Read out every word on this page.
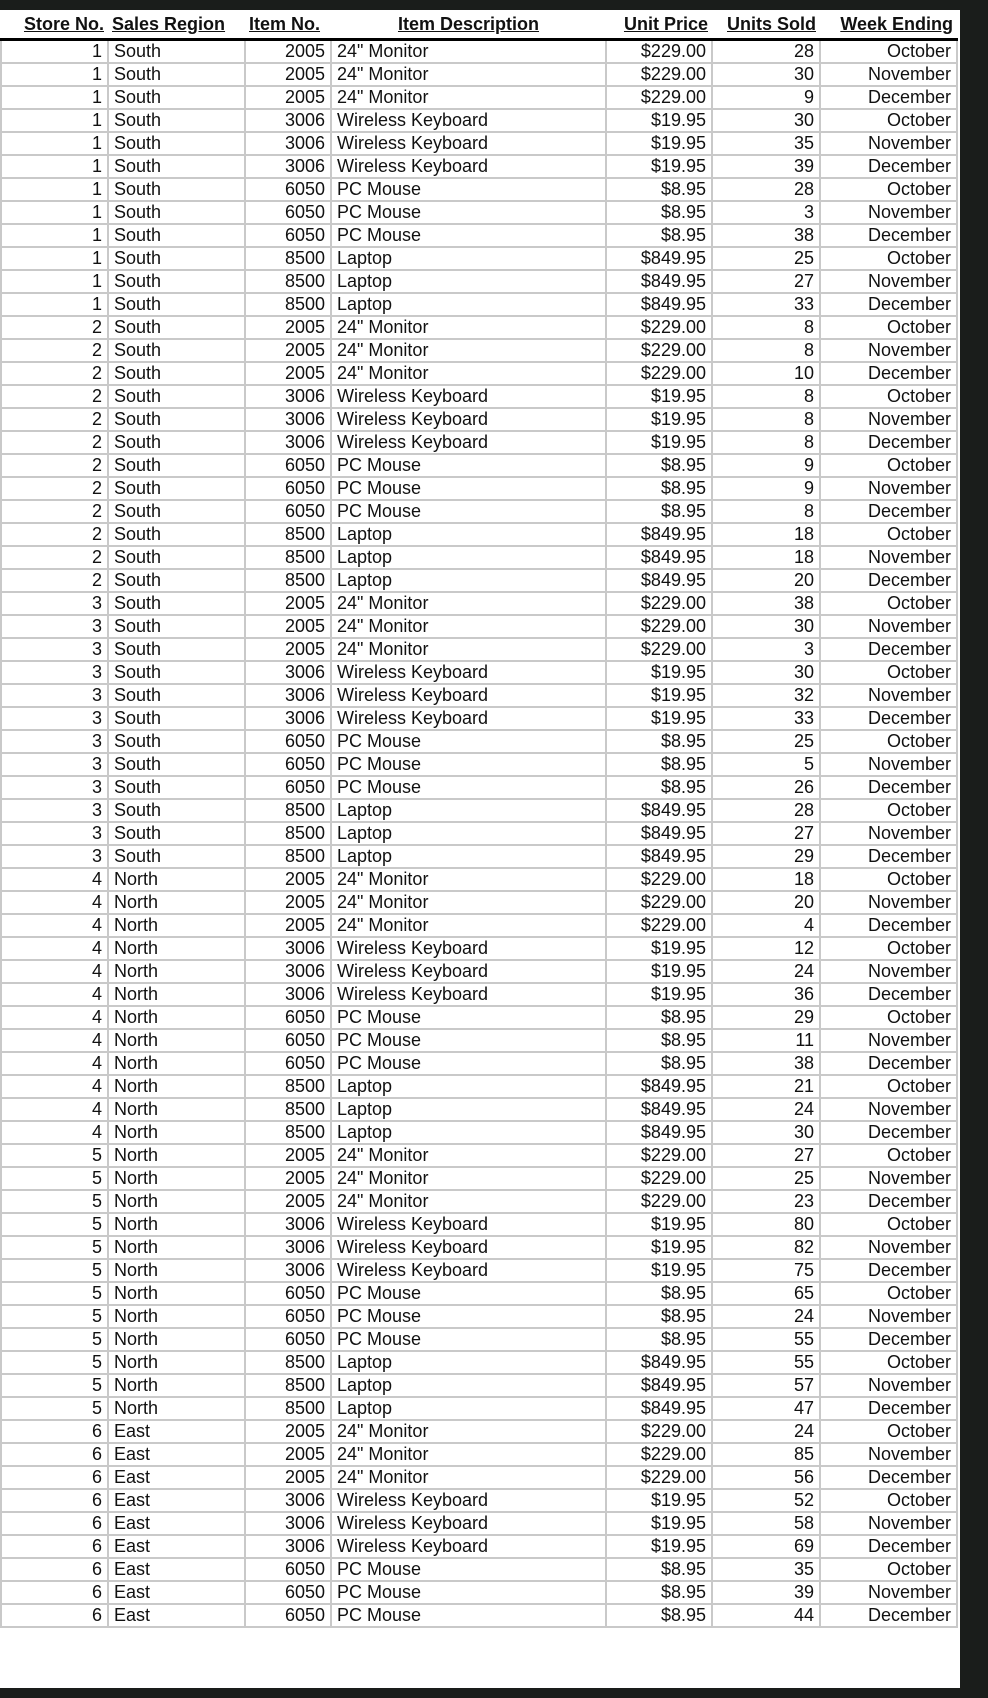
Store No.	Sales Region	Item No.	Item Description	Unit Price	Units Sold	Week Ending
1	South	2005	24" Monitor	$229.00	28	October
1	South	2005	24" Monitor	$229.00	30	November
1	South	2005	24" Monitor	$229.00	9	December
1	South	3006	Wireless Keyboard	$19.95	30	October
1	South	3006	Wireless Keyboard	$19.95	35	November
1	South	3006	Wireless Keyboard	$19.95	39	December
1	South	6050	PC Mouse	$8.95	28	October
1	South	6050	PC Mouse	$8.95	3	November
1	South	6050	PC Mouse	$8.95	38	December
1	South	8500	Laptop	$849.95	25	October
1	South	8500	Laptop	$849.95	27	November
1	South	8500	Laptop	$849.95	33	December
2	South	2005	24" Monitor	$229.00	8	October
2	South	2005	24" Monitor	$229.00	8	November
2	South	2005	24" Monitor	$229.00	10	December
2	South	3006	Wireless Keyboard	$19.95	8	October
2	South	3006	Wireless Keyboard	$19.95	8	November
2	South	3006	Wireless Keyboard	$19.95	8	December
2	South	6050	PC Mouse	$8.95	9	October
2	South	6050	PC Mouse	$8.95	9	November
2	South	6050	PC Mouse	$8.95	8	December
2	South	8500	Laptop	$849.95	18	October
2	South	8500	Laptop	$849.95	18	November
2	South	8500	Laptop	$849.95	20	December
3	South	2005	24" Monitor	$229.00	38	October
3	South	2005	24" Monitor	$229.00	30	November
3	South	2005	24" Monitor	$229.00	3	December
3	South	3006	Wireless Keyboard	$19.95	30	October
3	South	3006	Wireless Keyboard	$19.95	32	November
3	South	3006	Wireless Keyboard	$19.95	33	December
3	South	6050	PC Mouse	$8.95	25	October
3	South	6050	PC Mouse	$8.95	5	November
3	South	6050	PC Mouse	$8.95	26	December
3	South	8500	Laptop	$849.95	28	October
3	South	8500	Laptop	$849.95	27	November
3	South	8500	Laptop	$849.95	29	December
4	North	2005	24" Monitor	$229.00	18	October
4	North	2005	24" Monitor	$229.00	20	November
4	North	2005	24" Monitor	$229.00	4	December
4	North	3006	Wireless Keyboard	$19.95	12	October
4	North	3006	Wireless Keyboard	$19.95	24	November
4	North	3006	Wireless Keyboard	$19.95	36	December
4	North	6050	PC Mouse	$8.95	29	October
4	North	6050	PC Mouse	$8.95	11	November
4	North	6050	PC Mouse	$8.95	38	December
4	North	8500	Laptop	$849.95	21	October
4	North	8500	Laptop	$849.95	24	November
4	North	8500	Laptop	$849.95	30	December
5	North	2005	24" Monitor	$229.00	27	October
5	North	2005	24" Monitor	$229.00	25	November
5	North	2005	24" Monitor	$229.00	23	December
5	North	3006	Wireless Keyboard	$19.95	80	October
5	North	3006	Wireless Keyboard	$19.95	82	November
5	North	3006	Wireless Keyboard	$19.95	75	December
5	North	6050	PC Mouse	$8.95	65	October
5	North	6050	PC Mouse	$8.95	24	November
5	North	6050	PC Mouse	$8.95	55	December
5	North	8500	Laptop	$849.95	55	October
5	North	8500	Laptop	$849.95	57	November
5	North	8500	Laptop	$849.95	47	December
6	East	2005	24" Monitor	$229.00	24	October
6	East	2005	24" Monitor	$229.00	85	November
6	East	2005	24" Monitor	$229.00	56	December
6	East	3006	Wireless Keyboard	$19.95	52	October
6	East	3006	Wireless Keyboard	$19.95	58	November
6	East	3006	Wireless Keyboard	$19.95	69	December
6	East	6050	PC Mouse	$8.95	35	October
6	East	6050	PC Mouse	$8.95	39	November
6	East	6050	PC Mouse	$8.95	44	December
